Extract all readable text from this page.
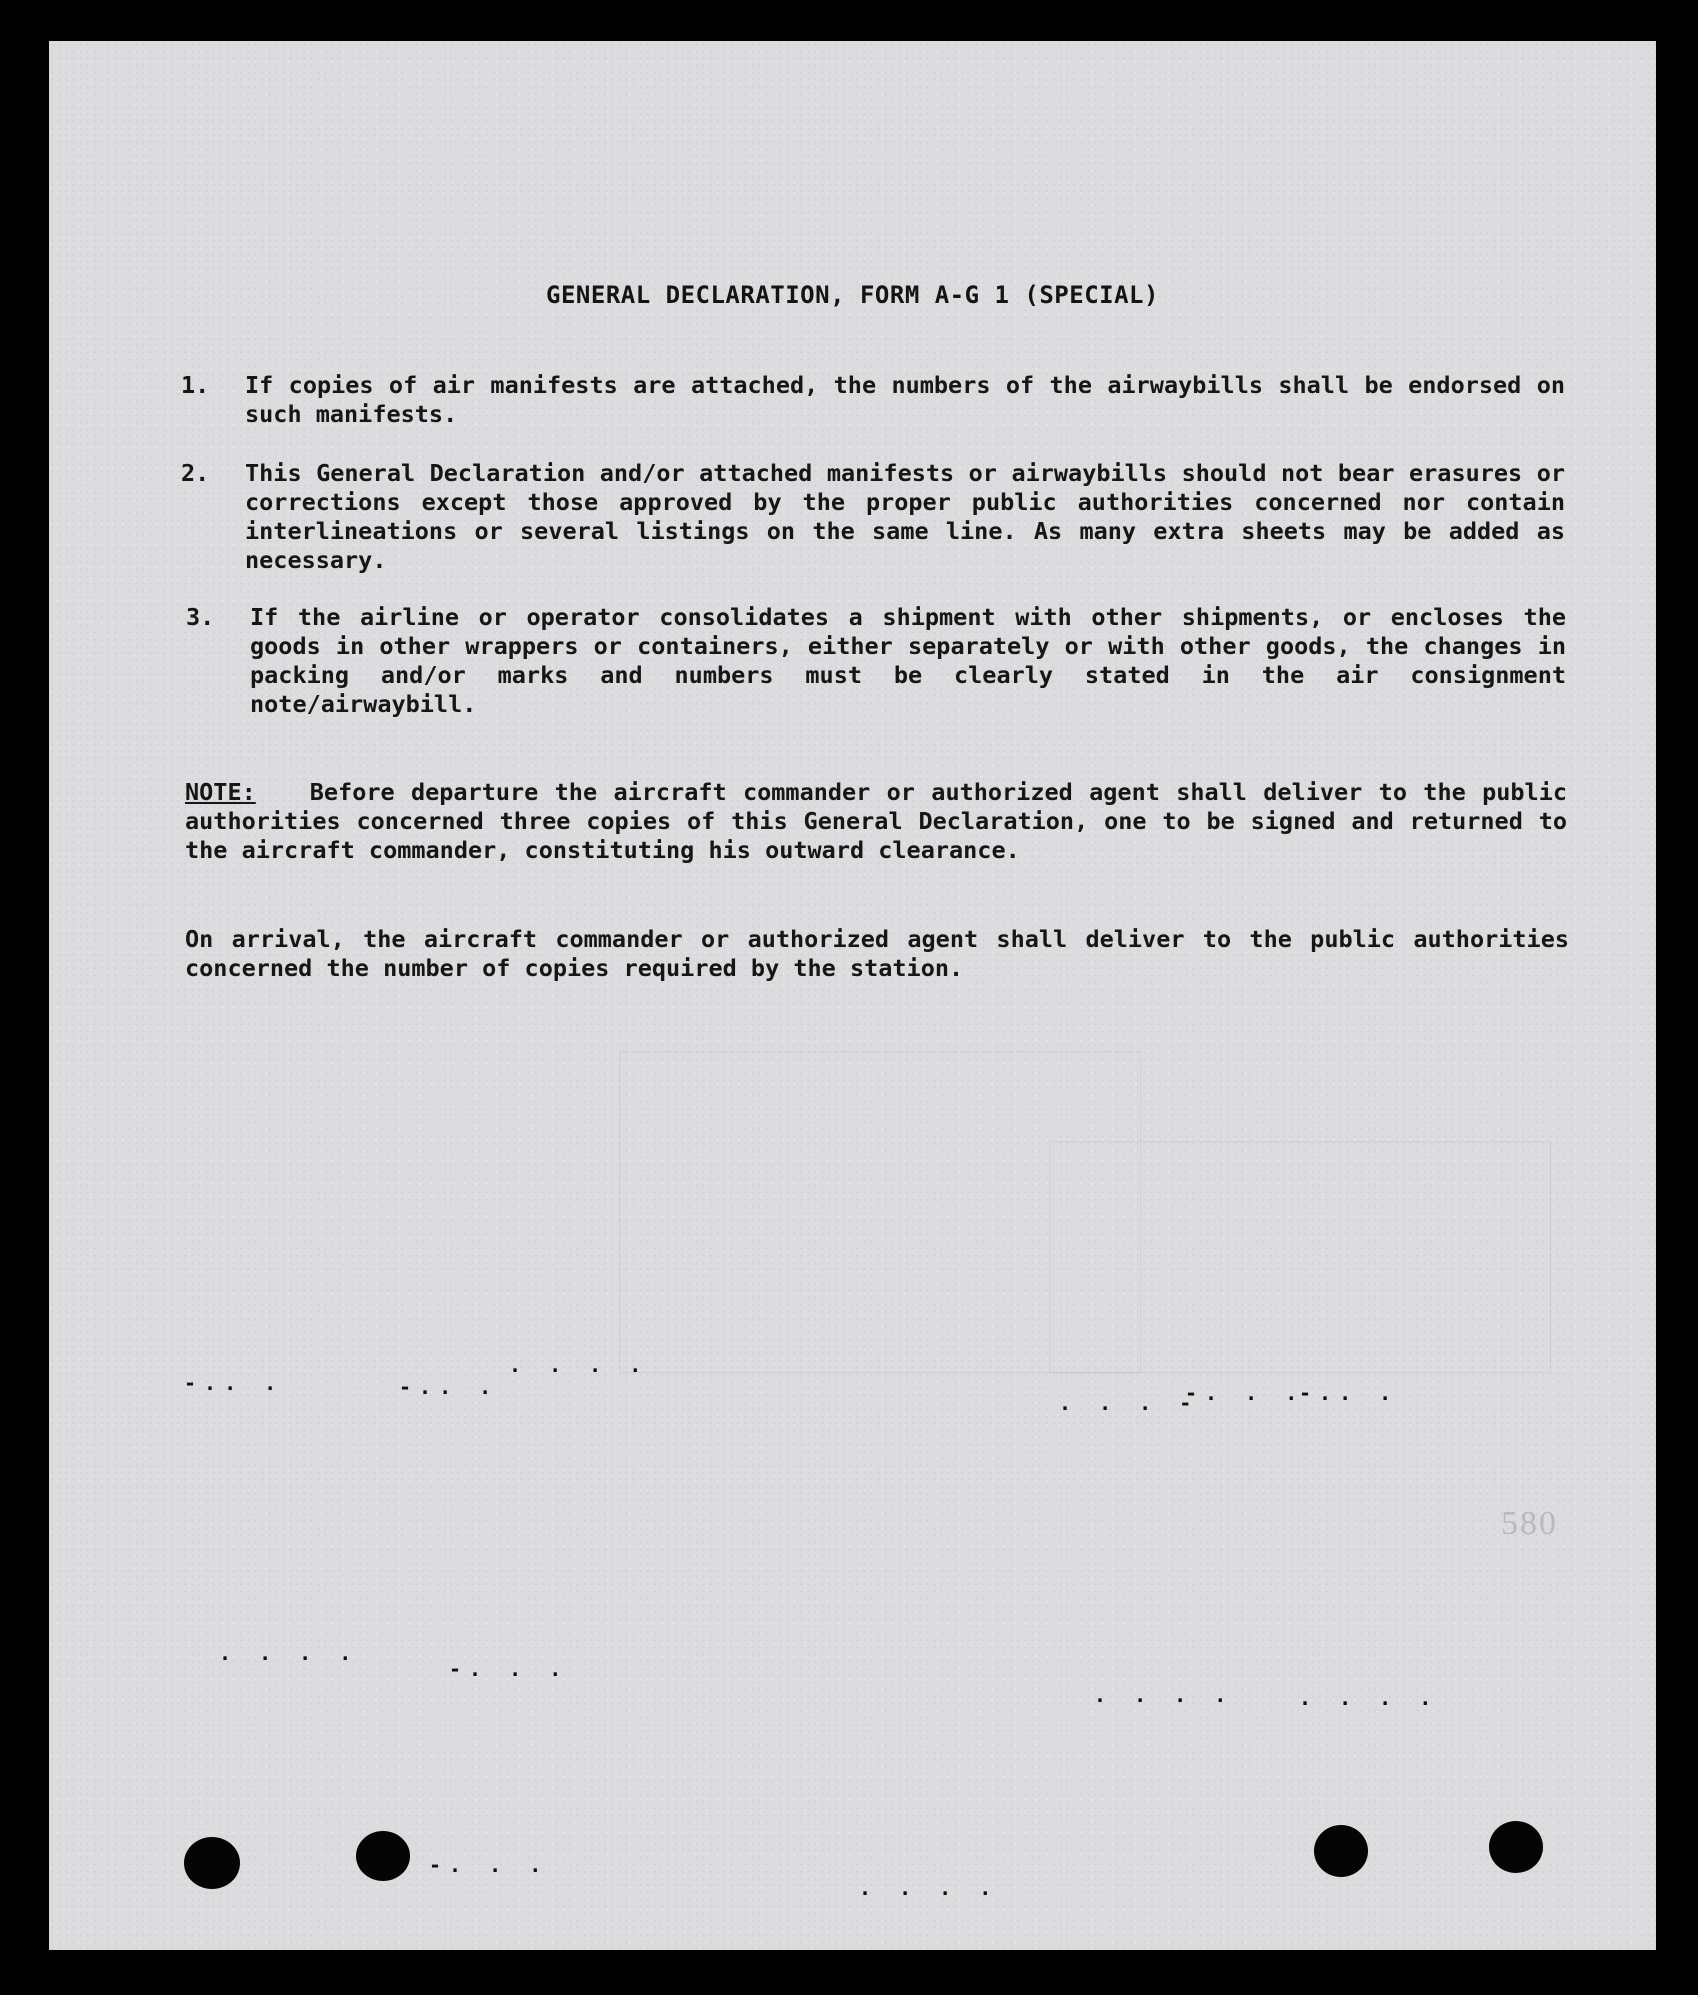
GENERAL DECLARATION, FORM A-G 1 (SPECIAL)
1. If copies of air manifests are attached, the numbers of the airwaybills shall be endorsed on such manifests.

2. This General Declaration and/or attached manifests or airwaybills should not bear erasures or corrections except those approved by the proper public authorities concerned nor contain interlineations or several listings on the same line. As many extra sheets may be added as necessary.

3. If the airline or operator consolidates a shipment with other shipments, or encloses the goods in other wrappers or containers, either separately or with other goods, the changes in packing and/or marks and numbers must be clearly stated in the air consignment note/airwaybill.

NOTE: Before departure the aircraft commander or authorized agent shall deliver to the public authorities concerned three copies of this General Declaration, one to be signed and returned to the aircraft commander, constituting his outward clearance.

On arrival, the aircraft commander or authorized agent shall deliver to the public authorities concerned the number of copies required by the station.

-.. .	-.. .
. . . .
. . . -
-. . .
-.. .
. . . .
-. . .
. . . .	. . . .
-. . .
. . . .
580
